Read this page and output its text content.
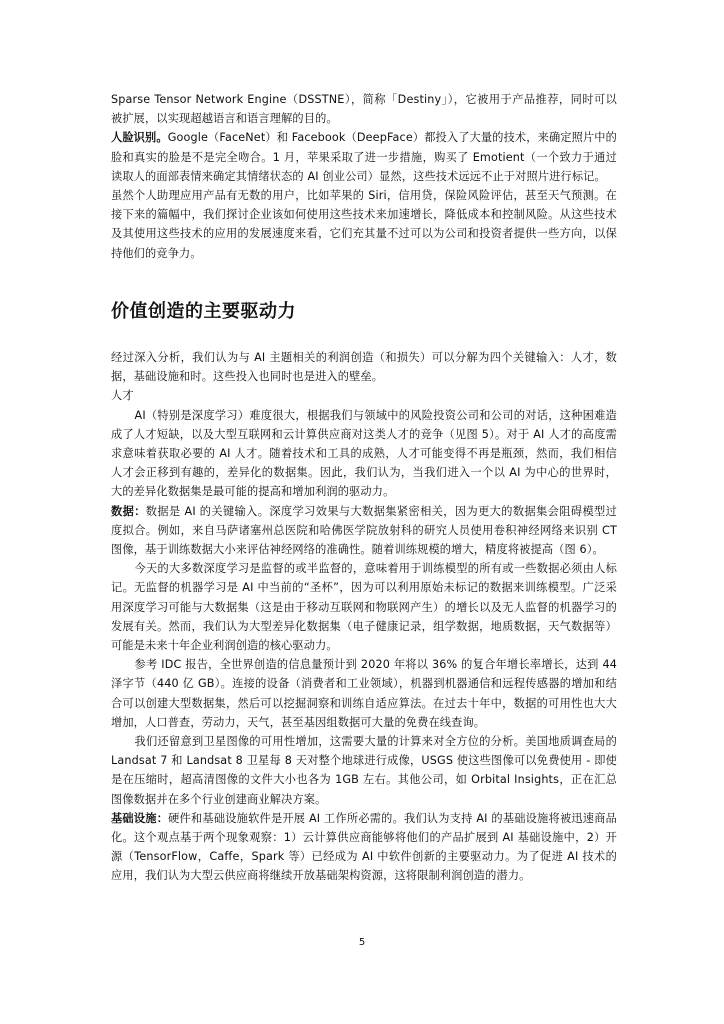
Sparse Tensor Network Engine（DSSTNE），简称「Destiny」），它被用于产品推荐，同时可以被扩展，以实现超越语言和语言理解的目的。

人脸识别。Google（FaceNet）和 Facebook（DeepFace）都投入了大量的技术，来确定照片中的脸和真实的脸是不是完全吻合。1 月，苹果采取了进一步措施，购买了 Emotient（一个致力于通过读取人的面部表情来确定其情绪状态的 AI 创业公司）显然，这些技术远远不止于对照片进行标记。

虽然个人助理应用产品有无数的用户，比如苹果的 Siri，信用贷，保险风险评估，甚至天气预测。在接下来的篇幅中，我们探讨企业该如何使用这些技术来加速增长，降低成本和控制风险。从这些技术及其使用这些技术的应用的发展速度来看，它们充其量不过可以为公司和投资者提供一些方向，以保持他们的竞争力。

价值创造的主要驱动力

经过深入分析，我们认为与 AI 主题相关的利润创造（和损失）可以分解为四个关键输入：人才，数据，基础设施和时。这些投入也同时也是进入的壁垒。

人才

AI（特别是深度学习）难度很大，根据我们与领域中的风险投资公司和公司的对话，这种困难造成了人才短缺，以及大型互联网和云计算供应商对这类人才的竞争（见图 5）。对于 AI 人才的高度需求意味着获取必要的 AI 人才。随着技术和工具的成熟，人才可能变得不再是瓶颈，然而，我们相信人才会正移到有趣的，差异化的数据集。因此，我们认为，当我们进入一个以 AI 为中心的世界时，大的差异化数据集是最可能的提高和增加利润的驱动力。

数据：数据是 AI 的关键输入。深度学习效果与大数据集紧密相关，因为更大的数据集会阻碍模型过度拟合。例如，来自马萨诸塞州总医院和哈佛医学院放射科的研究人员使用卷积神经网络来识别 CT 图像，基于训练数据大小来评估神经网络的准确性。随着训练规模的增大，精度将被提高（图 6）。

今天的大多数深度学习是监督的或半监督的，意味着用于训练模型的所有或一些数据必须由人标记。无监督的机器学习是 AI 中当前的“圣杯”，因为可以利用原始未标记的数据来训练模型。广泛采用深度学习可能与大数据集（这是由于移动互联网和物联网产生）的增长以及无人监督的机器学习的发展有关。然而，我们认为大型差异化数据集（电子健康记录，组学数据，地质数据，天气数据等）可能是未来十年企业利润创造的核心驱动力。

参考 IDC 报告，全世界创造的信息量预计到 2020 年将以 36% 的复合年增长率增长，达到 44 泽字节（440 亿 GB）。连接的设备（消费者和工业领域），机器到机器通信和远程传感器的增加和结合可以创建大型数据集，然后可以挖掘洞察和训练自适应算法。在过去十年中，数据的可用性也大大增加，人口普查，劳动力，天气，甚至基因组数据可大量的免费在线查询。

我们还留意到卫星图像的可用性增加，这需要大量的计算来对全方位的分析。美国地质调查局的 Landsat 7 和 Landsat 8 卫星每 8 天对整个地球进行成像，USGS 使这些图像可以免费使用 - 即使是在压缩时，超高清图像的文件大小也各为 1GB 左右。其他公司，如 Orbital Insights，正在汇总图像数据并在多个行业创建商业解决方案。

基础设施：硬件和基础设施软件是开展 AI 工作所必需的。我们认为支持 AI 的基础设施将被迅速商品化。这个观点基于两个现象观察：1）云计算供应商能够将他们的产品扩展到 AI 基础设施中，2）开源（TensorFlow，Caffe，Spark 等）已经成为 AI 中软件创新的主要驱动力。为了促进 AI 技术的应用，我们认为大型云供应商将继续开放基础架构资源，这将限制利润创造的潜力。

5
